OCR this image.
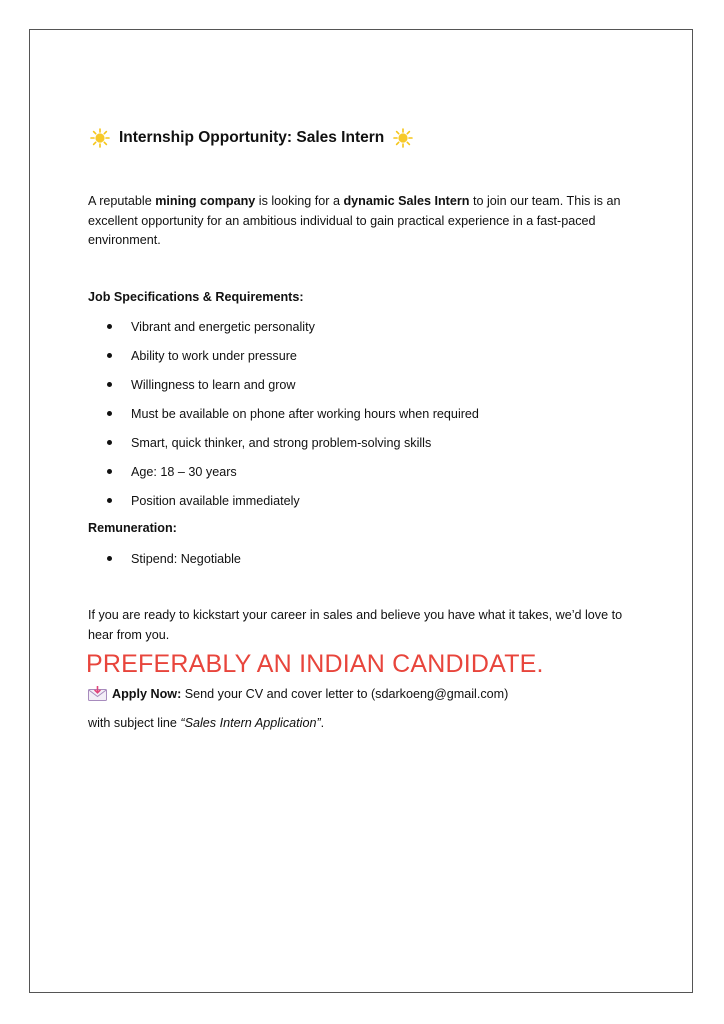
Internship Opportunity: Sales Intern

A reputable mining company is looking for a dynamic Sales Intern to join our team. This is an excellent opportunity for an ambitious individual to gain practical experience in a fast-paced environment.

Job Specifications & Requirements:

Vibrant and energetic personality
Ability to work under pressure
Willingness to learn and grow
Must be available on phone after working hours when required
Smart, quick thinker, and strong problem-solving skills
Age: 18 – 30 years
Position available immediately

Remuneration:

Stipend: Negotiable

If you are ready to kickstart your career in sales and believe you have what it takes, we’d love to hear from you.

PREFERABLY AN INDIAN CANDIDATE.
Apply Now: Send your CV and cover letter to (sdarkoeng@gmail.com)

with subject line “Sales Intern Application”.
